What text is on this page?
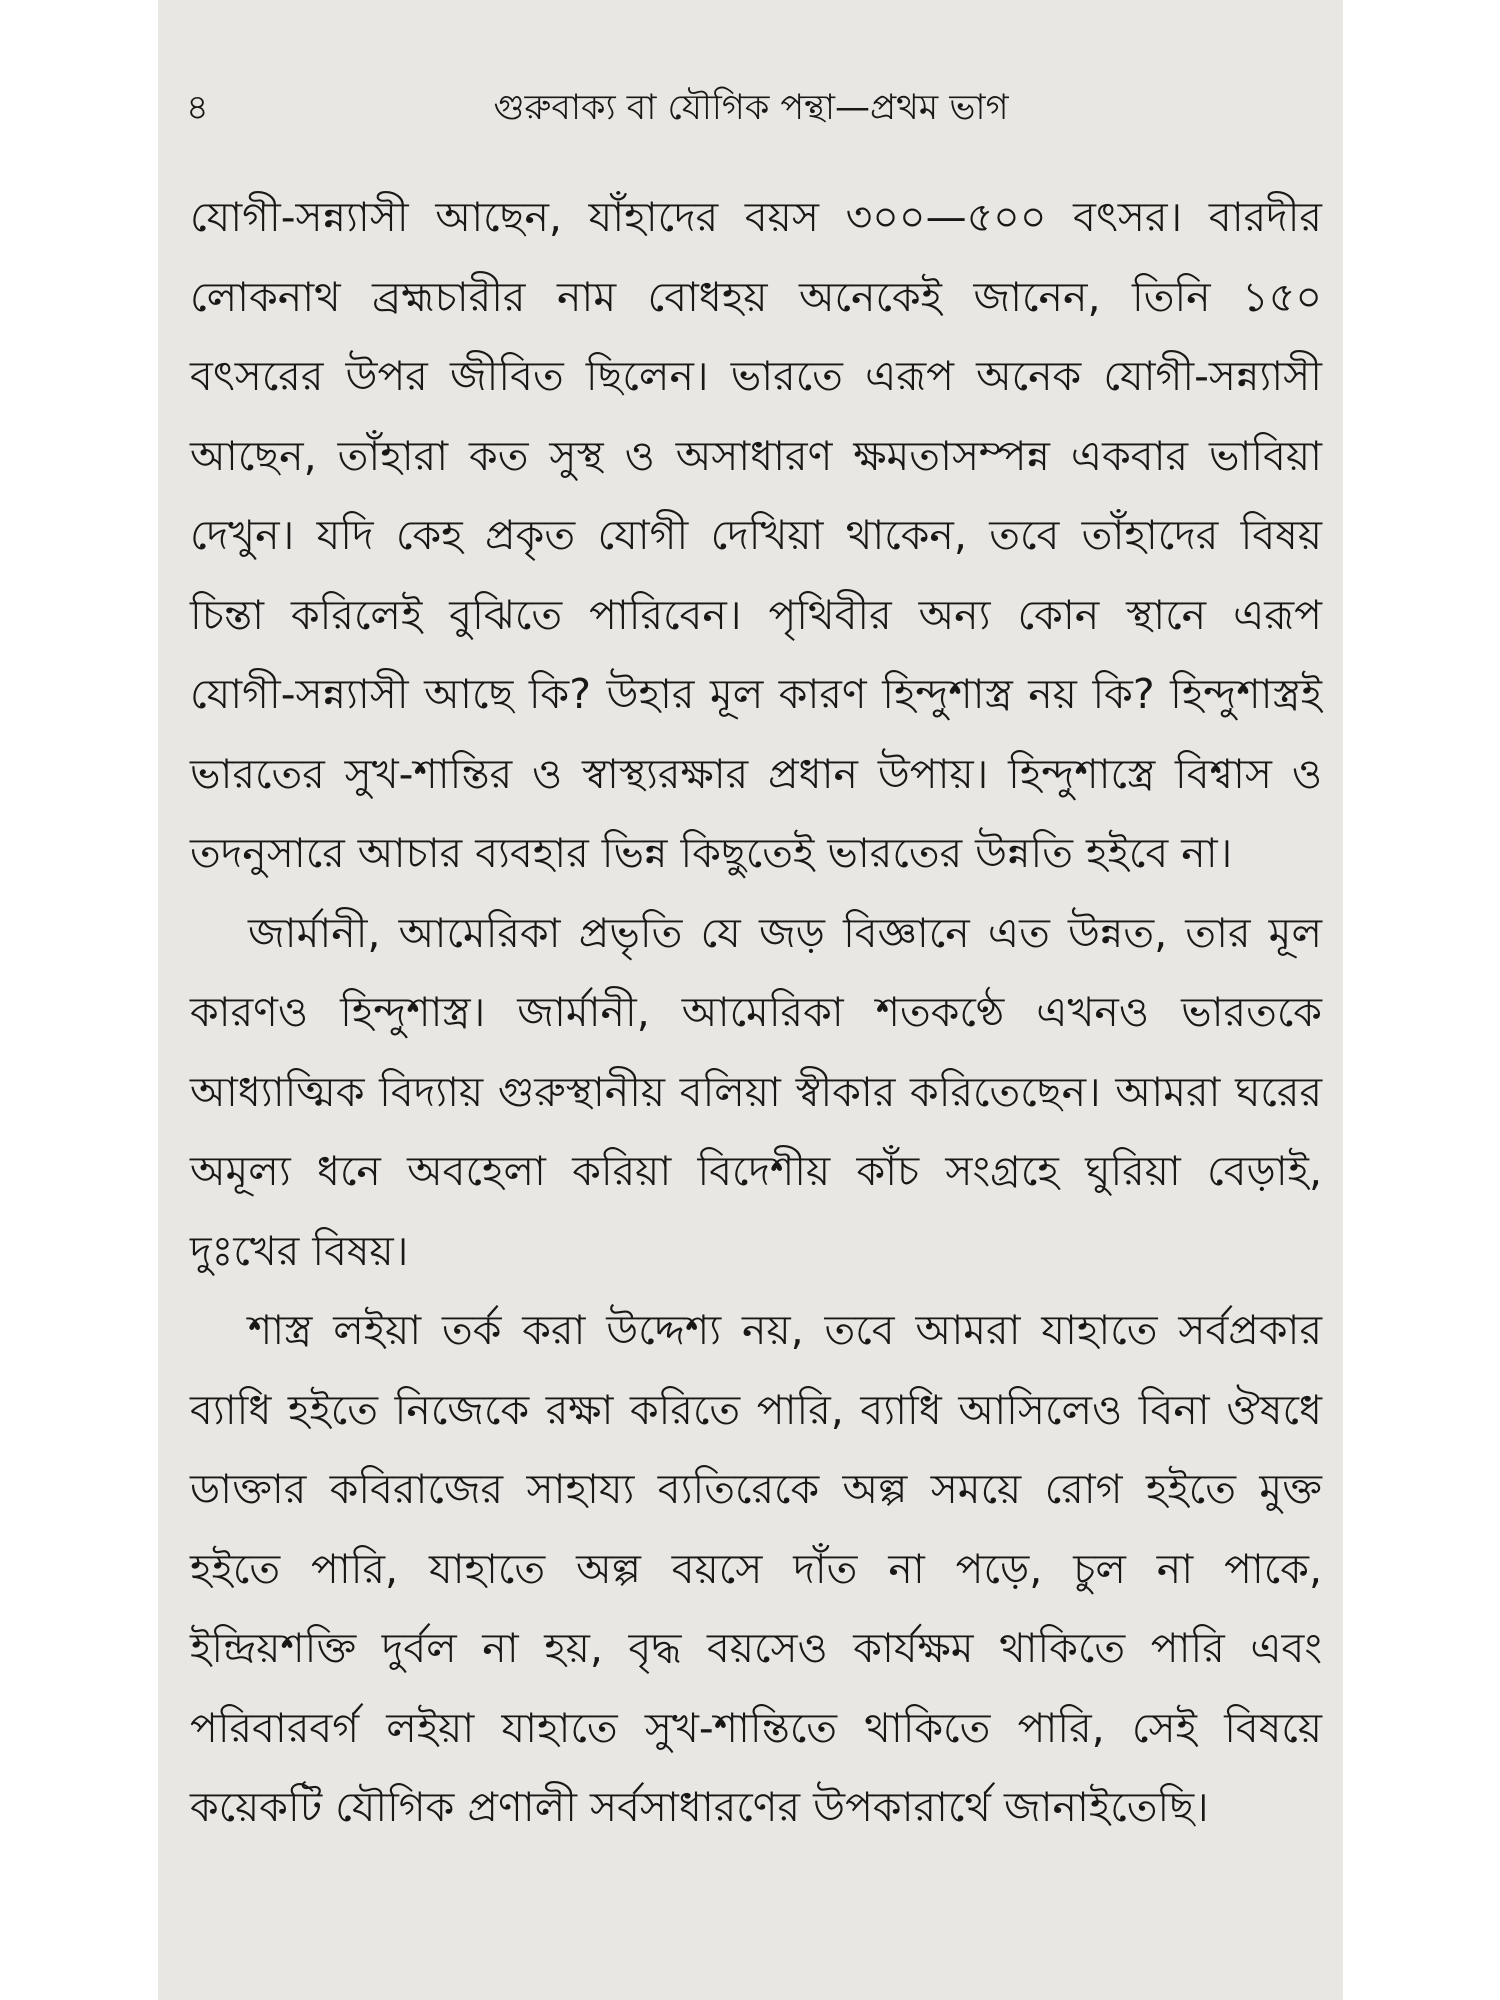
৪	গুরুবাক্য বা যৌগিক পন্থা—প্রথম ভাগ

যোগী-সন্ন্যাসী আছেন, যাঁহাদের বয়স ৩০০—৫০০ বৎসর। বারদীর লোকনাথ ব্রহ্মচারীর নাম বোধহয় অনেকেই জানেন, তিনি ১৫০ বৎসরের উপর জীবিত ছিলেন। ভারতে এরূপ অনেক যোগী-সন্ন্যাসী আছেন, তাঁহারা কত সুস্থ ও অসাধারণ ক্ষমতাসম্পন্ন একবার ভাবিয়া দেখুন। যদি কেহ প্রকৃত যোগী দেখিয়া থাকেন, তবে তাঁহাদের বিষয় চিন্তা করিলেই বুঝিতে পারিবেন। পৃথিবীর অন্য কোন স্থানে এরূপ যোগী-সন্ন্যাসী আছে কি? উহার মূল কারণ হিন্দুশাস্ত্র নয় কি? হিন্দুশাস্ত্রই ভারতের সুখ-শান্তির ও স্বাস্থ্যরক্ষার প্রধান উপায়। হিন্দুশাস্ত্রে বিশ্বাস ও তদনুসারে আচার ব্যবহার ভিন্ন কিছুতেই ভারতের উন্নতি হইবে না।

জার্মানী, আমেরিকা প্রভৃতি যে জড় বিজ্ঞানে এত উন্নত, তার মূল কারণও হিন্দুশাস্ত্র। জার্মানী, আমেরিকা শতকণ্ঠে এখনও ভারতকে আধ্যাত্মিক বিদ্যায় গুরুস্থানীয় বলিয়া স্বীকার করিতেছেন। আমরা ঘরের অমূল্য ধনে অবহেলা করিয়া বিদেশীয় কাঁচ সংগ্রহে ঘুরিয়া বেড়াই, দুঃখের বিষয়।

শাস্ত্র লইয়া তর্ক করা উদ্দেশ্য নয়, তবে আমরা যাহাতে সর্বপ্রকার ব্যাধি হইতে নিজেকে রক্ষা করিতে পারি, ব্যাধি আসিলেও বিনা ঔষধে ডাক্তার কবিরাজের সাহায্য ব্যতিরেকে অল্প সময়ে রোগ হইতে মুক্ত হইতে পারি, যাহাতে অল্প বয়সে দাঁত না পড়ে, চুল না পাকে, ইন্দ্রিয়শক্তি দুর্বল না হয়, বৃদ্ধ বয়সেও কার্যক্ষম থাকিতে পারি এবং পরিবারবর্গ লইয়া যাহাতে সুখ-শান্তিতে থাকিতে পারি, সেই বিষয়ে কয়েকটি যৌগিক প্রণালী সর্বসাধারণের উপকারার্থে জানাইতেছি।
